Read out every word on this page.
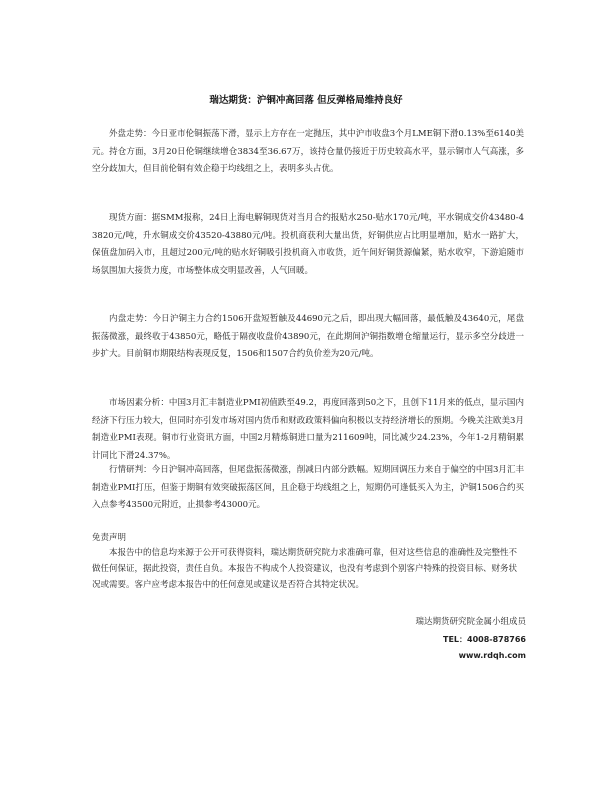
瑞达期货：沪铜冲高回落 但反弹格局维持良好
外盘走势：今日亚市伦铜振荡下滑，显示上方存在一定抛压，其中沪市收盘3个月LME铜下滑0.13%至6140美元。持仓方面，3月20日伦铜继续增仓3834至36.67万，该持仓量仍接近于历史较高水平，显示铜市人气高涨，多空分歧加大，但目前伦铜有效企稳于均线组之上，表明多头占优。
现货方面：据SMM报称，24日上海电解铜现货对当月合约报贴水250-贴水170元/吨，平水铜成交价43480-43820元/吨，升水铜成交价43520-43880元/吨。投机商获利大量出货，好铜供应占比明显增加，贴水一路扩大，保值盘加码入市，且超过200元/吨的贴水好铜吸引投机商入市收货，近午间好铜货源偏紧，贴水收窄，下游追随市场氛围加大接货力度，市场整体成交明显改善，人气回暖。
内盘走势：今日沪铜主力合约1506开盘短暂触及44690元之后，即出现大幅回落，最低触及43640元，尾盘振荡微涨，最终收于43850元，略低于隔夜收盘价43890元，在此期间沪铜指数增仓缩量运行，显示多空分歧进一步扩大。目前铜市期限结构表现反复，1506和1507合约负价差为20元/吨。
市场因素分析：中国3月汇丰制造业PMI初值跌至49.2，再度回落到50之下，且创下11月来的低点，显示国内经济下行压力较大，但同时亦引发市场对国内货币和财政政策料偏向积极以支持经济增长的预期。今晚关注欧美3月制造业PMI表现。铜市行业资讯方面，中国2月精炼铜进口量为211609吨，同比减少24.23%，今年1-2月精铜累计同比下滑24.37%。
行情研判：今日沪铜冲高回落，但尾盘振荡微涨，削减日内部分跌幅。短期回调压力来自于偏空的中国3月汇丰制造业PMI打压，但鉴于期铜有效突破振荡区间，且企稳于均线组之上，短期仍可逢低买入为主，沪铜1506合约买入点参考43500元附近，止损参考43000元。
免责声明
本报告中的信息均来源于公开可获得资料，瑞达期货研究院力求准确可靠，但对这些信息的准确性及完整性不做任何保证，据此投资，责任自负。本报告不构成个人投资建议，也没有考虑到个别客户特殊的投资目标、财务状况或需要。客户应考虑本报告中的任何意见或建议是否符合其特定状况。
瑞达期货研究院金属小组成员
TEL：4008-878766
www.rdqh.com
